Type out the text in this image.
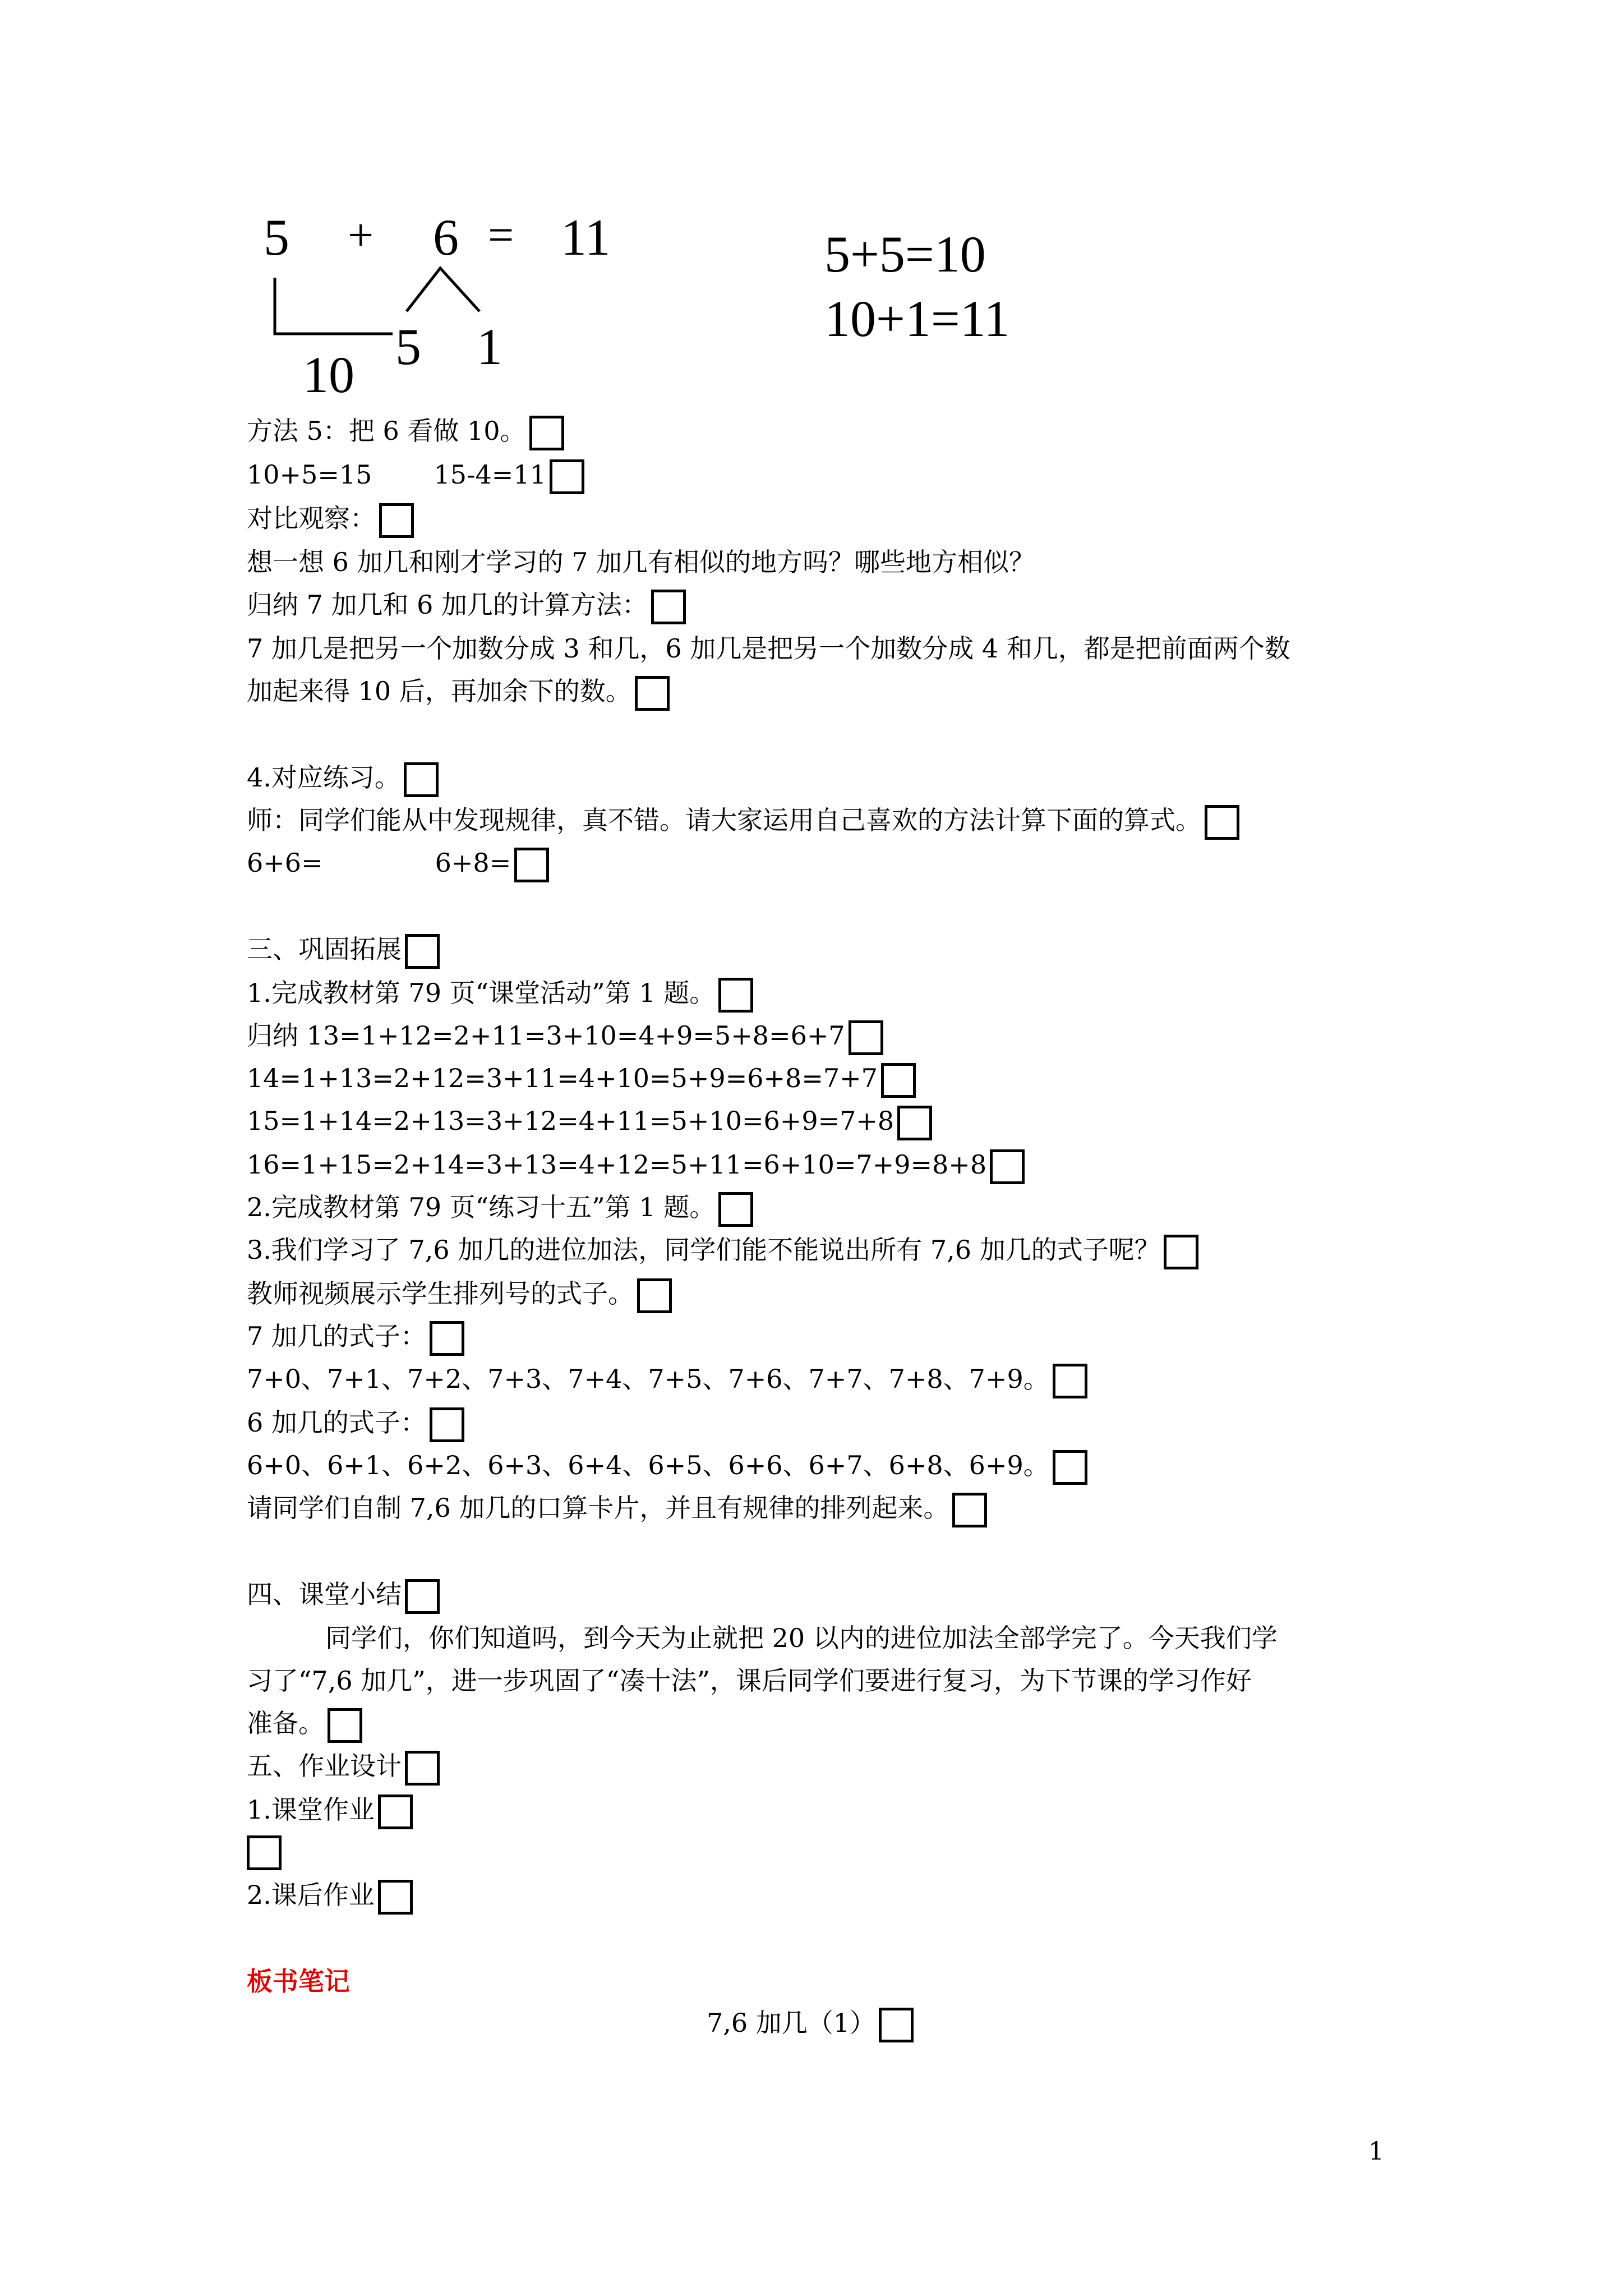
5 + 6 = 11
5 1
10
5+5=10
10+1=11
方法 5：把 6 看做 10。
10+5=15 15-4=11
对比观察：
想一想 6 加几和刚才学习的 7 加几有相似的地方吗？哪些地方相似？
归纳 7 加几和 6 加几的计算方法：
7 加几是把另一个加数分成 3 和几，6 加几是把另一个加数分成 4 和几，都是把前面两个数
加起来得 10 后，再加余下的数。
4.对应练习。
师：同学们能从中发现规律，真不错。请大家运用自己喜欢的方法计算下面的算式。
6+6=	6+8=
三、巩固拓展
1.完成教材第 79 页“课堂活动”第 1 题。
归纳 13=1+12=2+11=3+10=4+9=5+8=6+7
14=1+13=2+12=3+11=4+10=5+9=6+8=7+7
15=1+14=2+13=3+12=4+11=5+10=6+9=7+8
16=1+15=2+14=3+13=4+12=5+11=6+10=7+9=8+8
2.完成教材第 79 页“练习十五”第 1 题。
3.我们学习了 7,6 加几的进位加法，同学们能不能说出所有 7,6 加几的式子呢？
教师视频展示学生排列号的式子。
7 加几的式子：
7+0、7+1、7+2、7+3、7+4、7+5、7+6、7+7、7+8、7+9。
6 加几的式子：
6+0、6+1、6+2、6+3、6+4、6+5、6+6、6+7、6+8、6+9。
请同学们自制 7,6 加几的口算卡片，并且有规律的排列起来。
四、课堂小结
同学们，你们知道吗，到今天为止就把 20 以内的进位加法全部学完了。今天我们学
习了“7,6 加几”，进一步巩固了“凑十法”，课后同学们要进行复习，为下节课的学习作好
准备。
五、作业设计
1.课堂作业
2.课后作业
板书笔记
7,6 加几（1）
1
